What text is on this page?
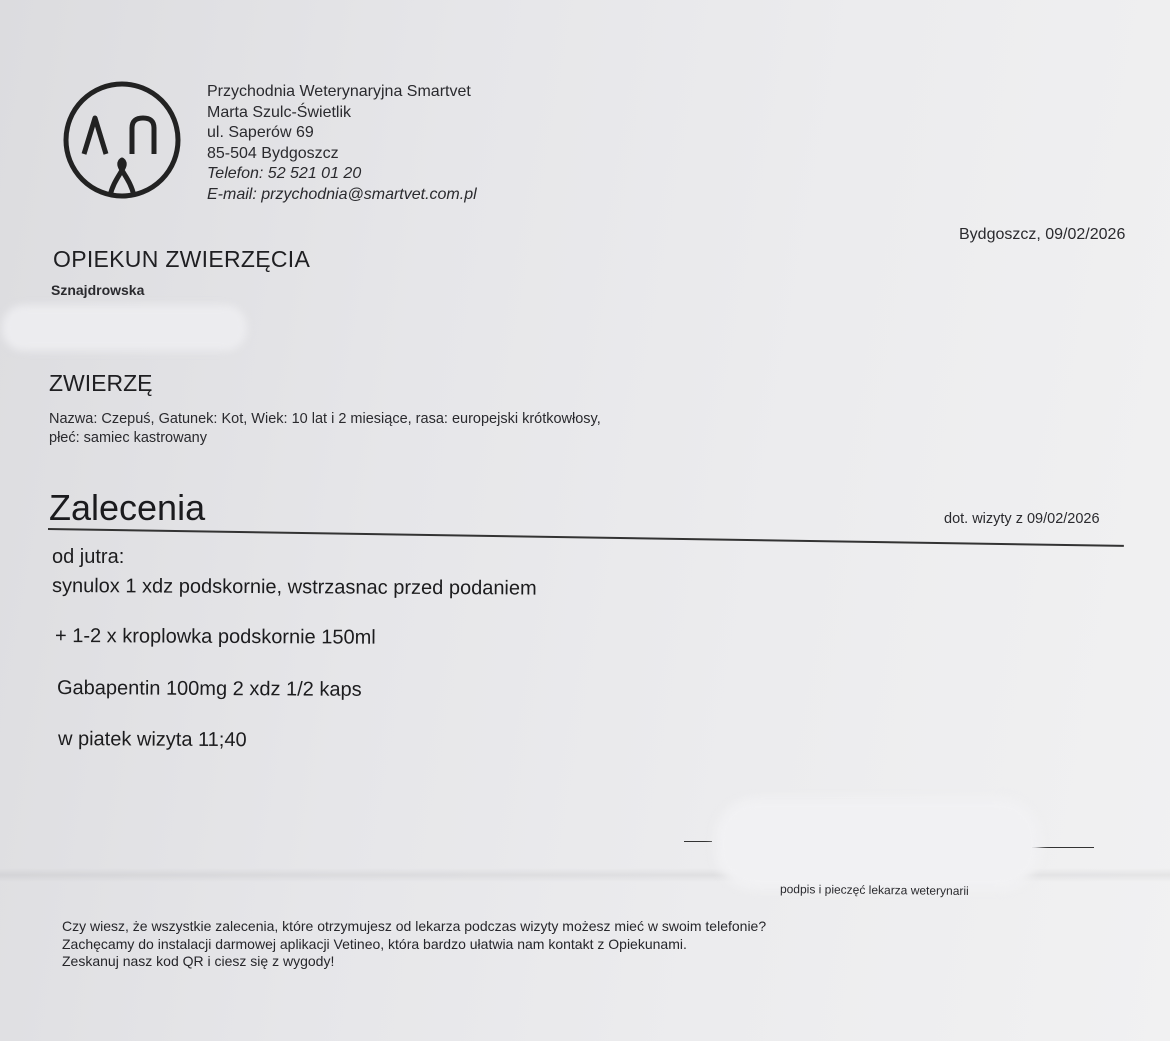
Przychodnia Weterynaryjna Smartvet
Marta Szulc-Świetlik
ul. Saperów 69
85-504 Bydgoszcz
Telefon: 52 521 01 20
E-mail: przychodnia@smartvet.com.pl
Bydgoszcz, 09/02/2026
OPIEKUN ZWIERZĘCIA
Sznajdrowska
ZWIERZĘ
Nazwa: Czepuś, Gatunek: Kot, Wiek: 10 lat i 2 miesiące, rasa: europejski krótkowłosy,
płeć: samiec kastrowany
Zalecenia	dot. wizyty z 09/02/2026
od jutra:
synulox 1 xdz podskornie, wstrzasnac przed podaniem
+ 1-2 x kroplowka podskornie 150ml
Gabapentin 100mg 2 xdz 1/2 kaps
w piatek wizyta 11;40
podpis i pieczęć lekarza weterynarii
Czy wiesz, że wszystkie zalecenia, które otrzymujesz od lekarza podczas wizyty możesz mieć w swoim telefonie?
Zachęcamy do instalacji darmowej aplikacji Vetineo, która bardzo ułatwia nam kontakt z Opiekunami.
Zeskanuj nasz kod QR i ciesz się z wygody!
